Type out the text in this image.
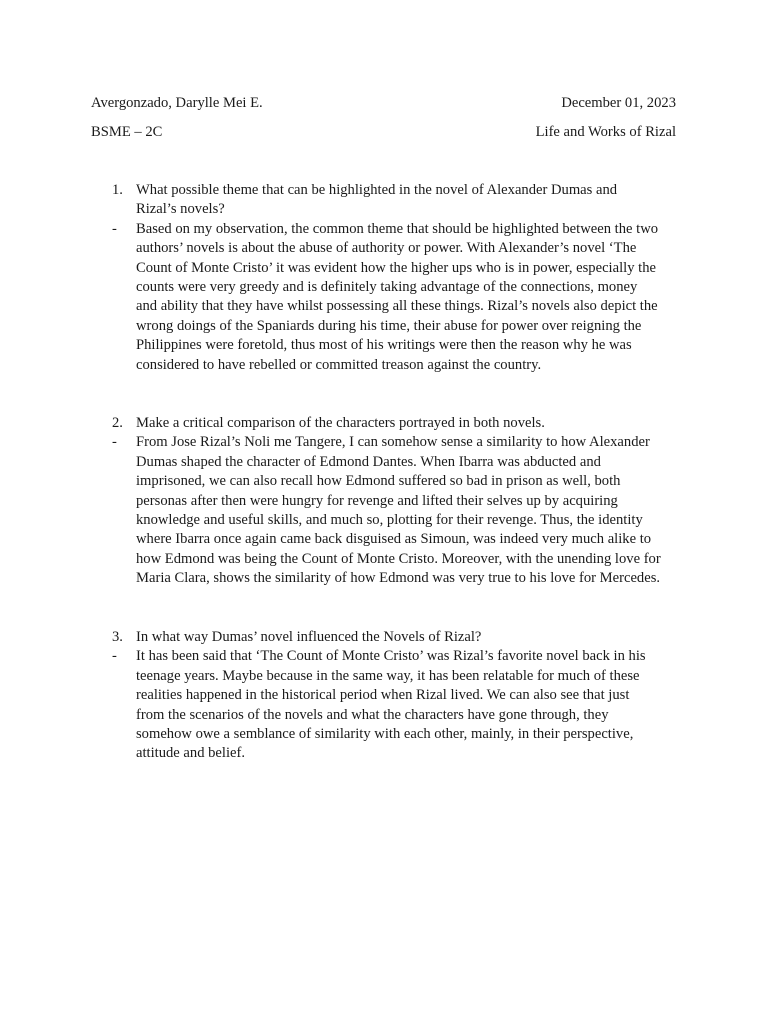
Avergonzado, Darylle Mei E.	December 01, 2023
BSME – 2C	Life and Works of Rizal
1. What possible theme that can be highlighted in the novel of Alexander Dumas and
Rizal’s novels?
-	Based on my observation, the common theme that should be highlighted between the two
authors’ novels is about the abuse of authority or power. With Alexander’s novel ‘The
Count of Monte Cristo’ it was evident how the higher ups who is in power, especially the
counts were very greedy and is definitely taking advantage of the connections, money
and ability that they have whilst possessing all these things. Rizal’s novels also depict the
wrong doings of the Spaniards during his time, their abuse for power over reigning the
Philippines were foretold, thus most of his writings were then the reason why he was
considered to have rebelled or committed treason against the country.
2. Make a critical comparison of the characters portrayed in both novels.
-	From Jose Rizal’s Noli me Tangere, I can somehow sense a similarity to how Alexander
Dumas shaped the character of Edmond Dantes. When Ibarra was abducted and
imprisoned, we can also recall how Edmond suffered so bad in prison as well, both
personas after then were hungry for revenge and lifted their selves up by acquiring
knowledge and useful skills, and much so, plotting for their revenge. Thus, the identity
where Ibarra once again came back disguised as Simoun, was indeed very much alike to
how Edmond was being the Count of Monte Cristo. Moreover, with the unending love for
Maria Clara, shows the similarity of how Edmond was very true to his love for Mercedes.
3. In what way Dumas’ novel influenced the Novels of Rizal?
-	It has been said that ‘The Count of Monte Cristo’ was Rizal’s favorite novel back in his
teenage years. Maybe because in the same way, it has been relatable for much of these
realities happened in the historical period when Rizal lived. We can also see that just
from the scenarios of the novels and what the characters have gone through, they
somehow owe a semblance of similarity with each other, mainly, in their perspective,
attitude and belief.
